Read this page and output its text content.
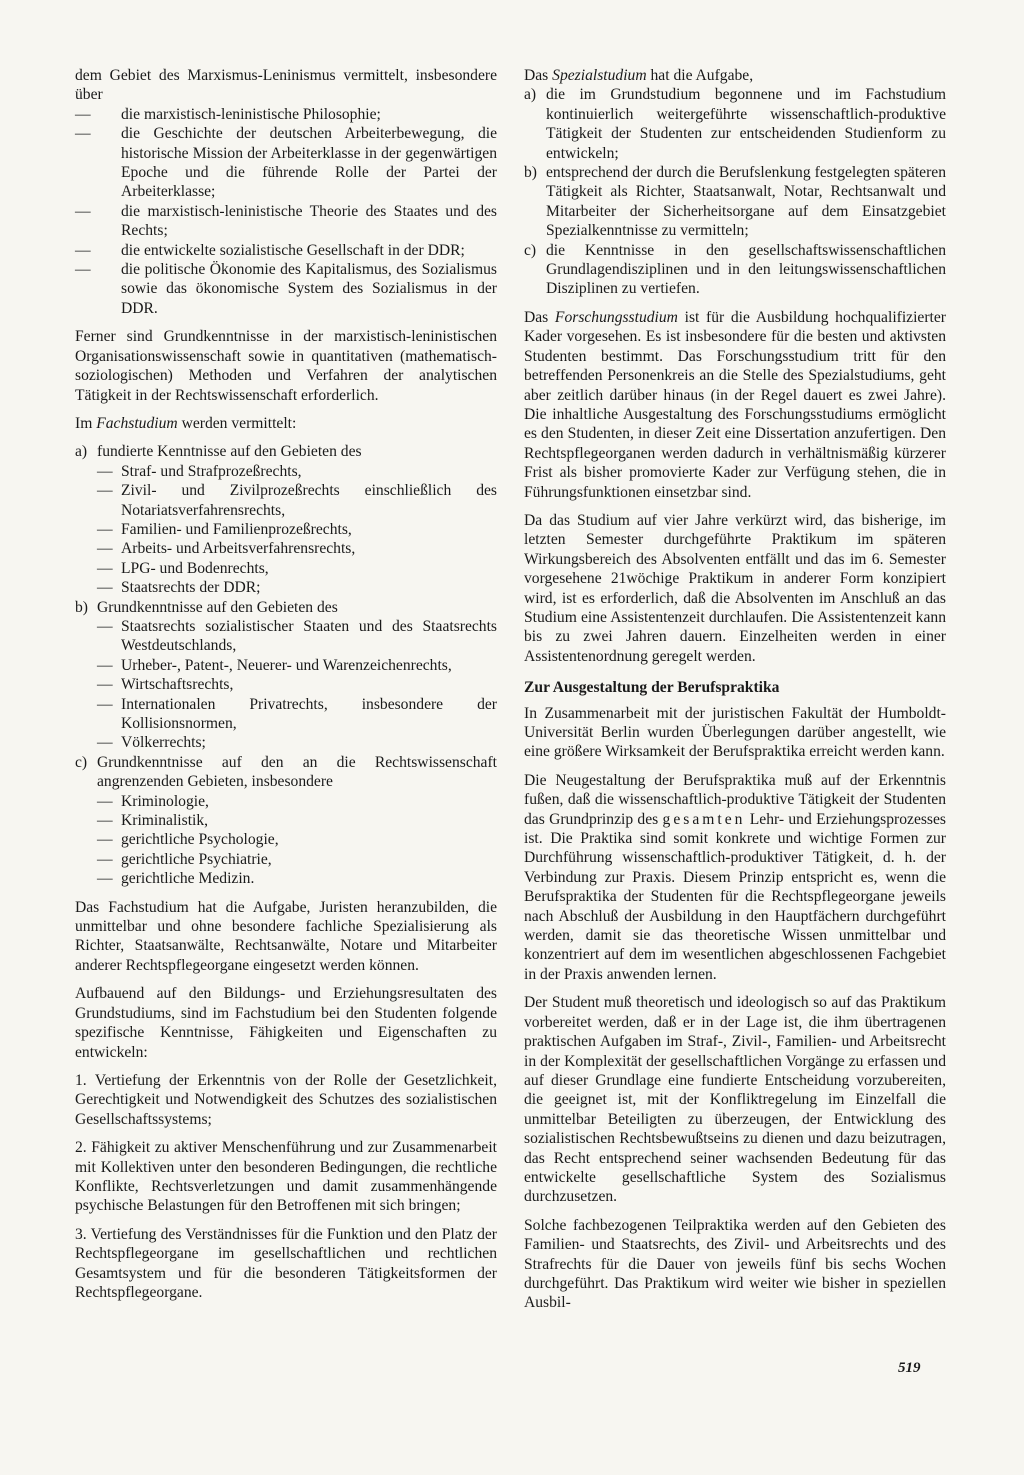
dem Gebiet des Marxismus-Leninismus vermittelt, insbesondere über

— die marxistisch-leninistische Philosophie;
— die Geschichte der deutschen Arbeiterbewegung, die historische Mission der Arbeiterklasse in der gegenwärtigen Epoche und die führende Rolle der Partei der Arbeiterklasse;
— die marxistisch-leninistische Theorie des Staates und des Rechts;
— die entwickelte sozialistische Gesellschaft in der DDR;
— die politische Ökonomie des Kapitalismus, des Sozialismus sowie das ökonomische System des Sozialismus in der DDR.

Ferner sind Grundkenntnisse in der marxistisch-leninistischen Organisationswissenschaft sowie in quantitativen (mathematisch-soziologischen) Methoden und Verfahren der analytischen Tätigkeit in der Rechtswissenschaft erforderlich.

Im Fachstudium werden vermittelt:

a) fundierte Kenntnisse auf den Gebieten des
— Straf- und Strafprozeßrechts,
— Zivil- und Zivilprozeßrechts einschließlich des Notariatsverfahrensrechts,
— Familien- und Familienprozeßrechts,
— Arbeits- und Arbeitsverfahrensrechts,
— LPG- und Bodenrechts,
— Staatsrechts der DDR;
b) Grundkenntnisse auf den Gebieten des
— Staatsrechts sozialistischer Staaten und des Staatsrechts Westdeutschlands,
— Urheber-, Patent-, Neuerer- und Warenzeichenrechts,
— Wirtschaftsrechts,
— Internationalen Privatrechts, insbesondere der Kollisionsnormen,
— Völkerrechts;
c) Grundkenntnisse auf den an die Rechtswissenschaft angrenzenden Gebieten, insbesondere
— Kriminologie,
— Kriminalistik,
— gerichtliche Psychologie,
— gerichtliche Psychiatrie,
— gerichtliche Medizin.

Das Fachstudium hat die Aufgabe, Juristen heranzubilden, die unmittelbar und ohne besondere fachliche Spezialisierung als Richter, Staatsanwälte, Rechtsanwälte, Notare und Mitarbeiter anderer Rechtspflegeorgane eingesetzt werden können.

Aufbauend auf den Bildungs- und Erziehungsresultaten des Grundstudiums, sind im Fachstudium bei den Studenten folgende spezifische Kenntnisse, Fähigkeiten und Eigenschaften zu entwickeln:

1. Vertiefung der Erkenntnis von der Rolle der Gesetzlichkeit, Gerechtigkeit und Notwendigkeit des Schutzes des sozialistischen Gesellschaftssystems;

2. Fähigkeit zu aktiver Menschenführung und zur Zusammenarbeit mit Kollektiven unter den besonderen Bedingungen, die rechtliche Konflikte, Rechtsverletzungen und damit zusammenhängende psychische Belastungen für den Betroffenen mit sich bringen;

3. Vertiefung des Verständnisses für die Funktion und den Platz der Rechtspflegeorgane im gesellschaftlichen und rechtlichen Gesamtsystem und für die besonderen Tätigkeitsformen der Rechtspflegeorgane.

Das Spezialstudium hat die Aufgabe,

a) die im Grundstudium begonnene und im Fachstudium kontinuierlich weitergeführte wissenschaftlich-produktive Tätigkeit der Studenten zur entscheidenden Studienform zu entwickeln;
b) entsprechend der durch die Berufslenkung festgelegten späteren Tätigkeit als Richter, Staatsanwalt, Notar, Rechtsanwalt und Mitarbeiter der Sicherheitsorgane auf dem Einsatzgebiet Spezialkenntnisse zu vermitteln;
c) die Kenntnisse in den gesellschaftswissenschaftlichen Grundlagendisziplinen und in den leitungswissenschaftlichen Disziplinen zu vertiefen.

Das Forschungsstudium ist für die Ausbildung hochqualifizierter Kader vorgesehen. Es ist insbesondere für die besten und aktivsten Studenten bestimmt. Das Forschungsstudium tritt für den betreffenden Personenkreis an die Stelle des Spezialstudiums, geht aber zeitlich darüber hinaus (in der Regel dauert es zwei Jahre). Die inhaltliche Ausgestaltung des Forschungsstudiums ermöglicht es den Studenten, in dieser Zeit eine Dissertation anzufertigen. Den Rechtspflegeorganen werden dadurch in verhältnismäßig kürzerer Frist als bisher promovierte Kader zur Verfügung stehen, die in Führungsfunktionen einsetzbar sind.

Da das Studium auf vier Jahre verkürzt wird, das bisherige, im letzten Semester durchgeführte Praktikum im späteren Wirkungsbereich des Absolventen entfällt und das im 6. Semester vorgesehene 21wöchige Praktikum in anderer Form konzipiert wird, ist es erforderlich, daß die Absolventen im Anschluß an das Studium eine Assistentenzeit durchlaufen. Die Assistentenzeit kann bis zu zwei Jahren dauern. Einzelheiten werden in einer Assistentenordnung geregelt werden.

Zur Ausgestaltung der Berufspraktika

In Zusammenarbeit mit der juristischen Fakultät der Humboldt-Universität Berlin wurden Überlegungen darüber angestellt, wie eine größere Wirksamkeit der Berufspraktika erreicht werden kann.

Die Neugestaltung der Berufspraktika muß auf der Erkenntnis fußen, daß die wissenschaftlich-produktive Tätigkeit der Studenten das Grundprinzip des gesamten Lehr- und Erziehungsprozesses ist. Die Praktika sind somit konkrete und wichtige Formen zur Durchführung wissenschaftlich-produktiver Tätigkeit, d. h. der Verbindung zur Praxis. Diesem Prinzip entspricht es, wenn die Berufspraktika der Studenten für die Rechtspflegeorgane jeweils nach Abschluß der Ausbildung in den Hauptfächern durchgeführt werden, damit sie das theoretische Wissen unmittelbar und konzentriert auf dem im wesentlichen abgeschlossenen Fachgebiet in der Praxis anwenden lernen.

Der Student muß theoretisch und ideologisch so auf das Praktikum vorbereitet werden, daß er in der Lage ist, die ihm übertragenen praktischen Aufgaben im Straf-, Zivil-, Familien- und Arbeitsrecht in der Komplexität der gesellschaftlichen Vorgänge zu erfassen und auf dieser Grundlage eine fundierte Entscheidung vorzubereiten, die geeignet ist, mit der Konfliktregelung im Einzelfall die unmittelbar Beteiligten zu überzeugen, der Entwicklung des sozialistischen Rechtsbewußtseins zu dienen und dazu beizutragen, das Recht entsprechend seiner wachsenden Bedeutung für das entwickelte gesellschaftliche System des Sozialismus durchzusetzen.

Solche fachbezogenen Teilpraktika werden auf den Gebieten des Familien- und Staatsrechts, des Zivil- und Arbeitsrechts und des Strafrechts für die Dauer von jeweils fünf bis sechs Wochen durchgeführt. Das Praktikum wird weiter wie bisher in speziellen Ausbil-

519
